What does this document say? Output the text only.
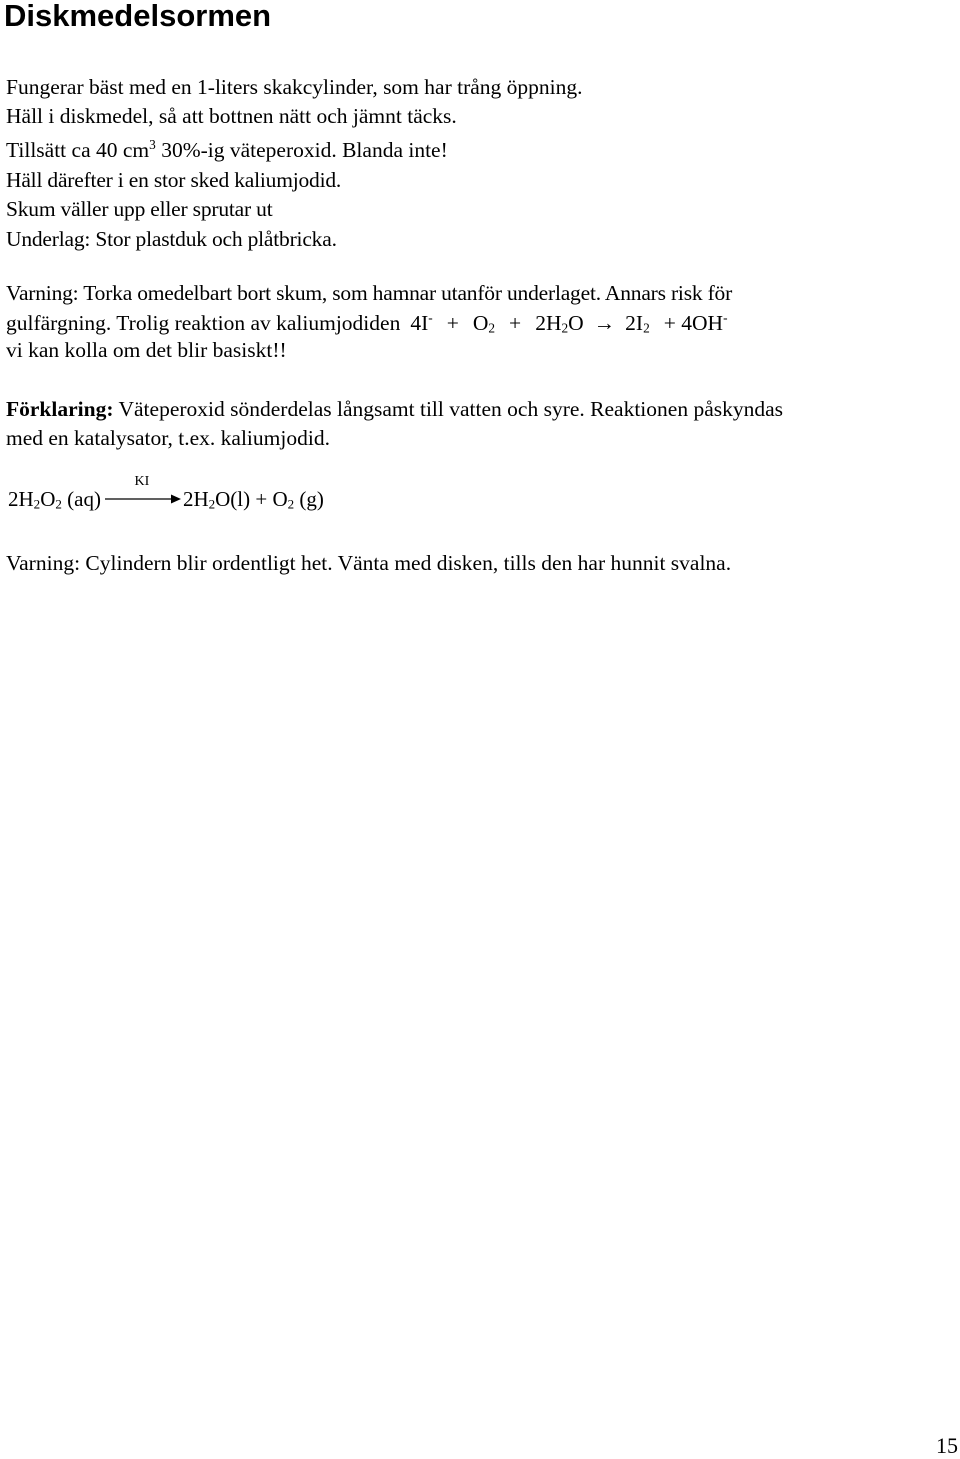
Diskmedelsormen
Fungerar bäst med en 1-liters skakcylinder, som har trång öppning.
Häll i diskmedel, så att bottnen nätt och jämnt täcks.
Tillsätt ca 40 $cm^3$ 30%-ig väteperoxid. Blanda inte!
Häll därefter i en stor sked kaliumjodid.
Skum väller upp eller sprutar ut
Underlag: Stor plastduk och plåtbricka.
Varning: Torka omedelbart bort skum, som hamnar utanför underlaget. Annars risk för
gulfärgning. Trolig reaktion av kaliumjodiden $4I^- + O_2 + 2H_2O \to 2I_2 + 4OH^-$
vi kan kolla om det blir basiskt!!
Förklaring: Väteperoxid sönderdelas långsamt till vatten och syre. Reaktionen påskyndas
med en katalysator, t.ex. kaliumjodid.
$2H_2O_2$ (aq)
KI
$2H_2O(l) + O_2$ (g)
Varning: Cylindern blir ordentligt het. Vänta med disken, tills den har hunnit svalna.
15
